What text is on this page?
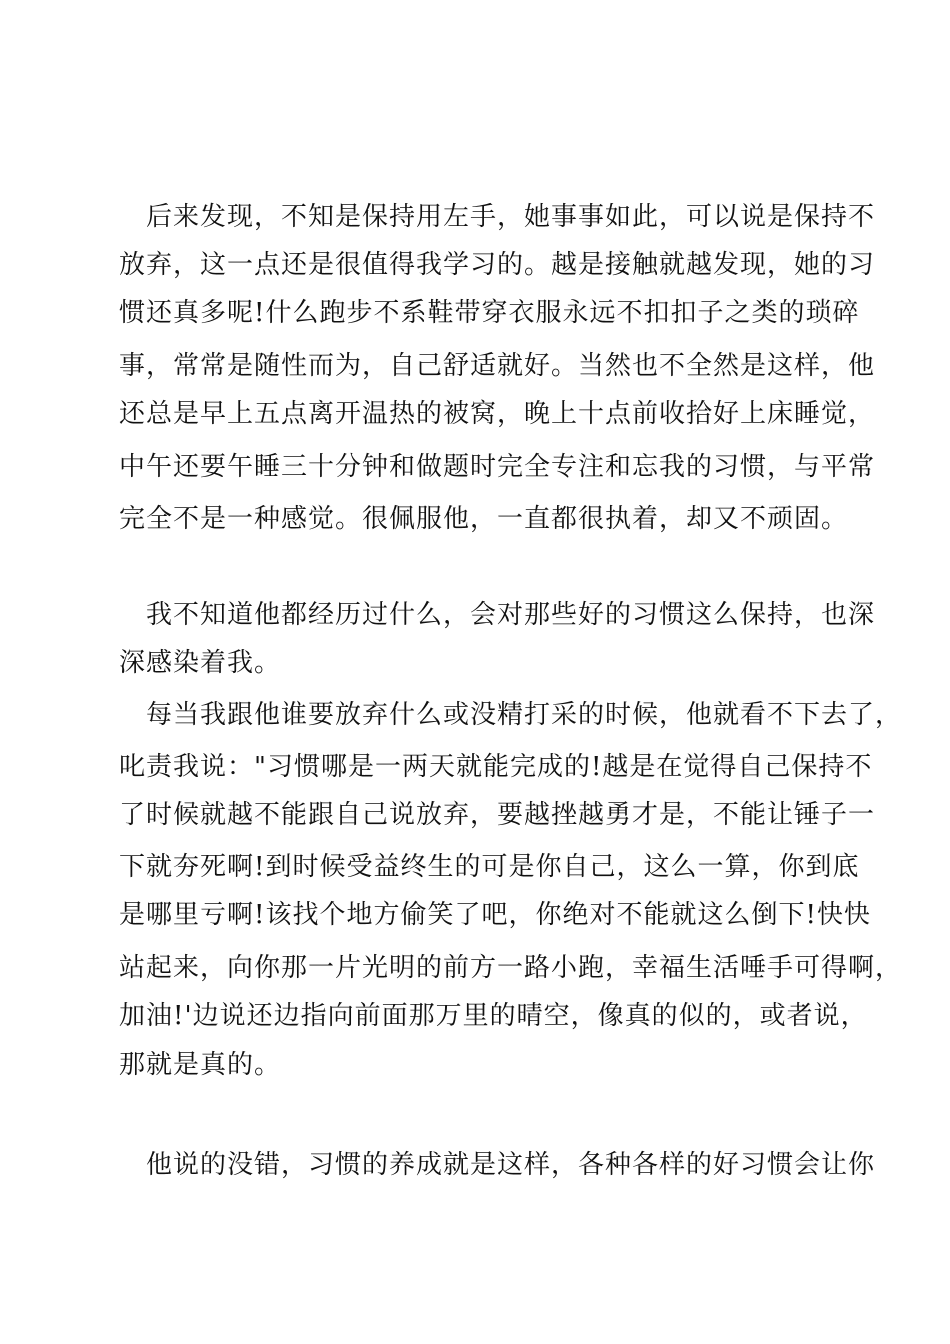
后来发现，不知是保持用左手，她事事如此，可以说是保持不
放弃，这一点还是很值得我学习的。越是接触就越发现，她的习
惯还真多呢!什么跑步不系鞋带穿衣服永远不扣扣子之类的琐碎
事，常常是随性而为，自己舒适就好。当然也不全然是这样，他
还总是早上五点离开温热的被窝，晚上十点前收拾好上床睡觉，
中午还要午睡三十分钟和做题时完全专注和忘我的习惯，与平常
完全不是一种感觉。很佩服他，一直都很执着，却又不顽固。
我不知道他都经历过什么，会对那些好的习惯这么保持，也深
深感染着我。
每当我跟他谁要放弃什么或没精打采的时候，他就看不下去了，
叱责我说："习惯哪是一两天就能完成的!越是在觉得自己保持不
了时候就越不能跟自己说放弃，要越挫越勇才是，不能让锤子一
下就夯死啊!到时候受益终生的可是你自己，这么一算，你到底
是哪里亏啊!该找个地方偷笑了吧，你绝对不能就这么倒下!快快
站起来，向你那一片光明的前方一路小跑，幸福生活唾手可得啊，
加油!'边说还边指向前面那万里的晴空，像真的似的，或者说，
那就是真的。
他说的没错，习惯的养成就是这样，各种各样的好习惯会让你
